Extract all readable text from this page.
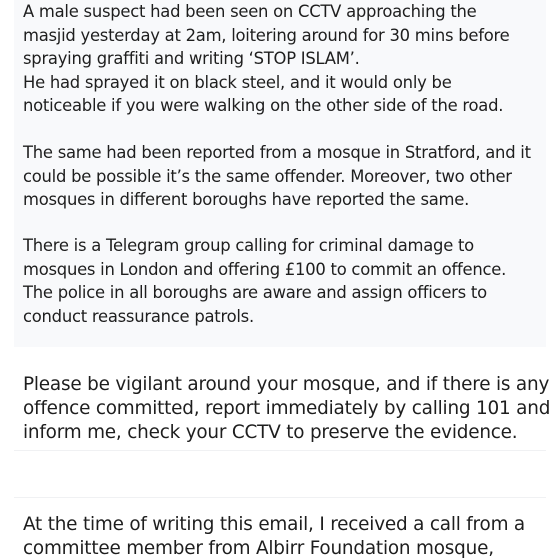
A male suspect had been seen on CCTV approaching the
masjid yesterday at 2am, loitering around for 30 mins before
spraying graffiti and writing ‘STOP ISLAM’.
He had sprayed it on black steel, and it would only be
noticeable if you were walking on the other side of the road.

The same had been reported from a mosque in Stratford, and it
could be possible it’s the same offender. Moreover, two other
mosques in different boroughs have reported the same.

There is a Telegram group calling for criminal damage to
mosques in London and offering £100 to commit an offence.
The police in all boroughs are aware and assign officers to
conduct reassurance patrols.

Please be vigilant around your mosque, and if there is any
offence committed, report immediately by calling 101 and
inform me, check your CCTV to preserve the evidence.

At the time of writing this email, I received a call from a
committee member from Albirr Foundation mosque,
